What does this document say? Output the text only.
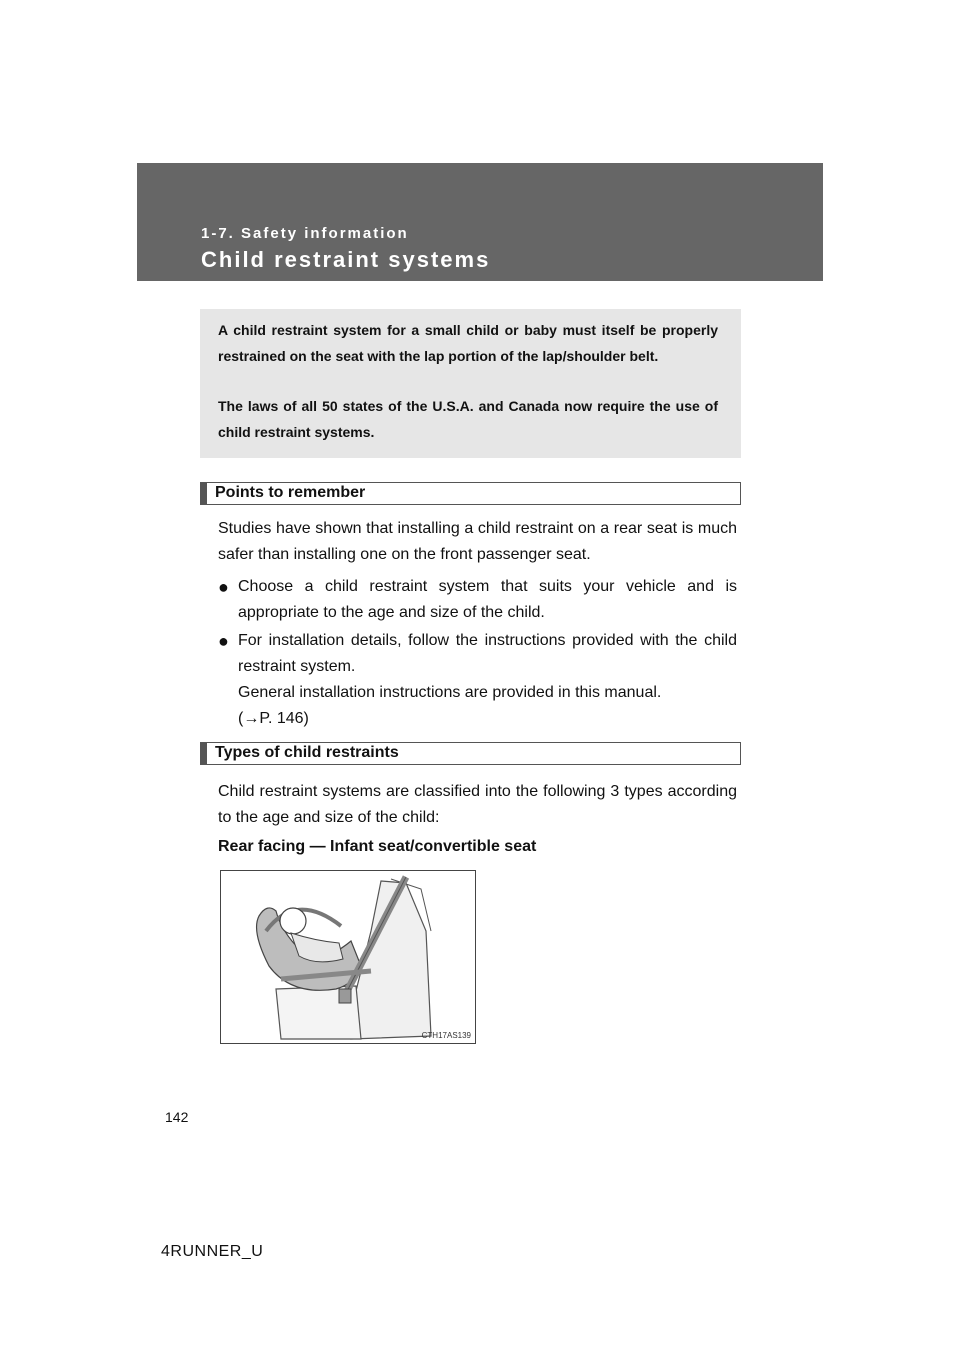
1-7. Safety information
Child restraint systems

A child restraint system for a small child or baby must itself be properly restrained on the seat with the lap portion of the lap/shoulder belt.

The laws of all 50 states of the U.S.A. and Canada now require the use of child restraint systems.

Points to remember

Studies have shown that installing a child restraint on a rear seat is much safer than installing one on the front passenger seat.

● Choose a child restraint system that suits your vehicle and is appropriate to the age and size of the child.
● For installation details, follow the instructions provided with the child restraint system.
General installation instructions are provided in this manual.
(→P. 146)
Types of child restraints

Child restraint systems are classified into the following 3 types according to the age and size of the child:

Rear facing — Infant seat/convertible seat
CTH17AS139
142
4RUNNER_U
